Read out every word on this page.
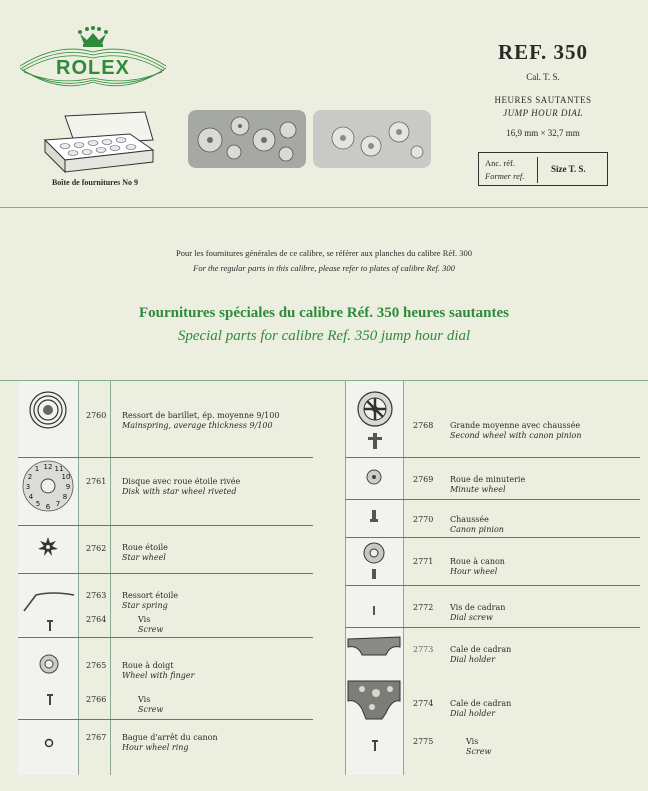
ROLEX
REF. 350
Cal. T. S.
HEURES SAUTANTES
JUMP HOUR DIAL
16,9 mm × 32,7 mm
Anc. réf.
Former ref.
Size T. S.
Boîte de fournitures No 9
Pour les fournitures générales de ce calibre, se référer aux planches du calibre Réf. 300
For the regular parts in this calibre, please refer to plates of calibre Ref. 300
Fournitures spéciales du calibre Réf. 350 heures sautantes
Special parts for calibre Ref. 350 jump hour dial
2760 Ressort de barillet, ép. moyenne 9/100
Mainspring, average thickness 9/100
12 11
10
9
8
7
6
5
4
3
2
1
2761 Disque avec roue étoile rivée
Disk with star wheel riveted
2762 Roue étoile
Star wheel
2763 Ressort étoile
Star spring
2764	Vis
Screw
2765 Roue à doigt
Wheel with finger
2766	Vis
Screw
2767 Bague d'arrêt du canon
Hour wheel ring
2768 Grande moyenne avec chaussée
Second wheel with canon pinion
2769 Roue de minuterie
Minute wheel
2770 Chaussée
Canon pinion
2771 Roue à canon
Hour wheel
2772 Vis de cadran
Dial screw
2773 Cale de cadran
Dial holder
2774 Cale de cadran
Dial holder
2775	Vis
Screw
